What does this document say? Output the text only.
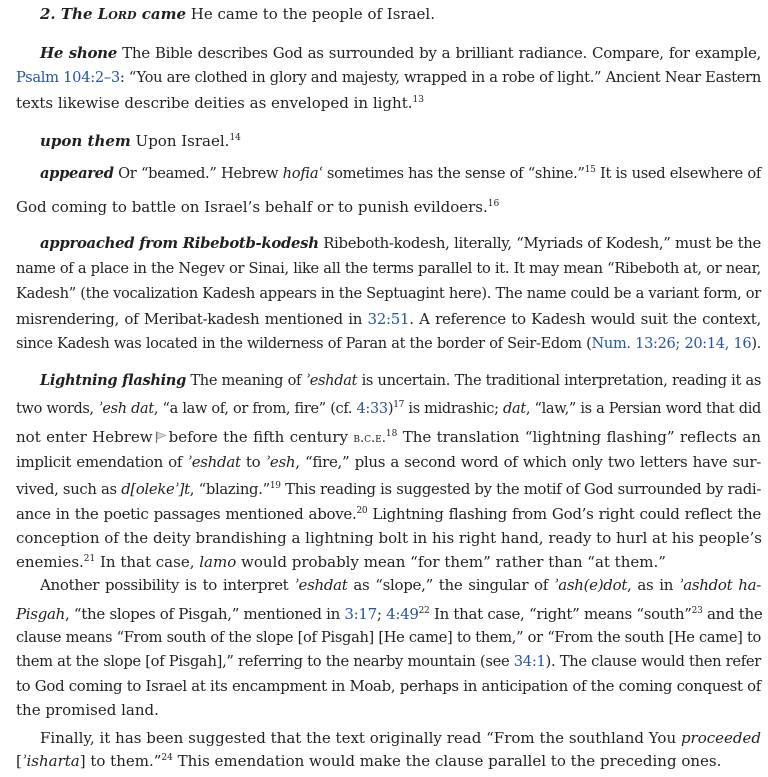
2. The Lord came He came to the people of Israel.
He shone The Bible describes God as surrounded by a brilliant radiance. Compare, for example,
Psalm 104:2–3: “You are clothed in glory and majesty, wrapped in a robe of light.” Ancient Near Eastern
texts likewise describe deities as enveloped in light.$^{13}$
upon them Upon Israel.$^{14}$
appeared Or “beamed.” Hebrew hofiaʿ sometimes has the sense of “shine.”$^{15}$ It is used elsewhere of
God coming to battle on Israel’s behalf or to punish evildoers.$^{16}$
approached from Ribebotb-kodesh Ribeboth-kodesh, literally, “Myriads of Kodesh,” must be the
name of a place in the Negev or Sinai, like all the terms parallel to it. It may mean “Ribeboth at, or near,
Kadesh” (the vocalization Kadesh appears in the Septuagint here). The name could be a variant form, or
misrendering, of Meribat-kadesh mentioned in 32:51. A reference to Kadesh would suit the context,
since Kadesh was located in the wilderness of Paran at the border of Seir-Edom (Num. 13:26; 20:14, 16).
Lightning flashing The meaning of ʾeshdat is uncertain. The traditional interpretation, reading it as
two words, ʾesh dat, “a law of, or from, fire” (cf. 4:33)$^{17}$ is midrashic; dat, “law,” is a Persian word that did
not enter Hebrew before the fifth century b.c.e.$^{18}$ The translation “lightning flashing” reflects an
implicit emendation of ʾeshdat to ʾesh, “fire,” plus a second word of which only two letters have sur-
vived, such as d[olekeʾ]t, “blazing.”$^{19}$ This reading is suggested by the motif of God surrounded by radi-
ance in the poetic passages mentioned above.$^{20}$ Lightning flashing from God’s right could reflect the
conception of the deity brandishing a lightning bolt in his right hand, ready to hurl at his people’s
enemies.$^{21}$ In that case, lamo would probably mean “for them” rather than “at them.”
Another possibility is to interpret ʾeshdat as “slope,” the singular of ʾash(e)dot, as in ʾashdot ha-
Pisgah, “the slopes of Pisgah,” mentioned in 3:17; $4:49^{22}$ In that case, “right” means “south”$^{23}$ and the
clause means “From south of the slope [of Pisgah] [He came] to them,” or “From the south [He came] to
them at the slope [of Pisgah],” referring to the nearby mountain (see 34:1). The clause would then refer
to God coming to Israel at its encampment in Moab, perhaps in anticipation of the coming conquest of
the promised land.
Finally, it has been suggested that the text originally read “From the southland You proceeded
[ʾisharta] to them.”$^{24}$ This emendation would make the clause parallel to the preceding ones.
